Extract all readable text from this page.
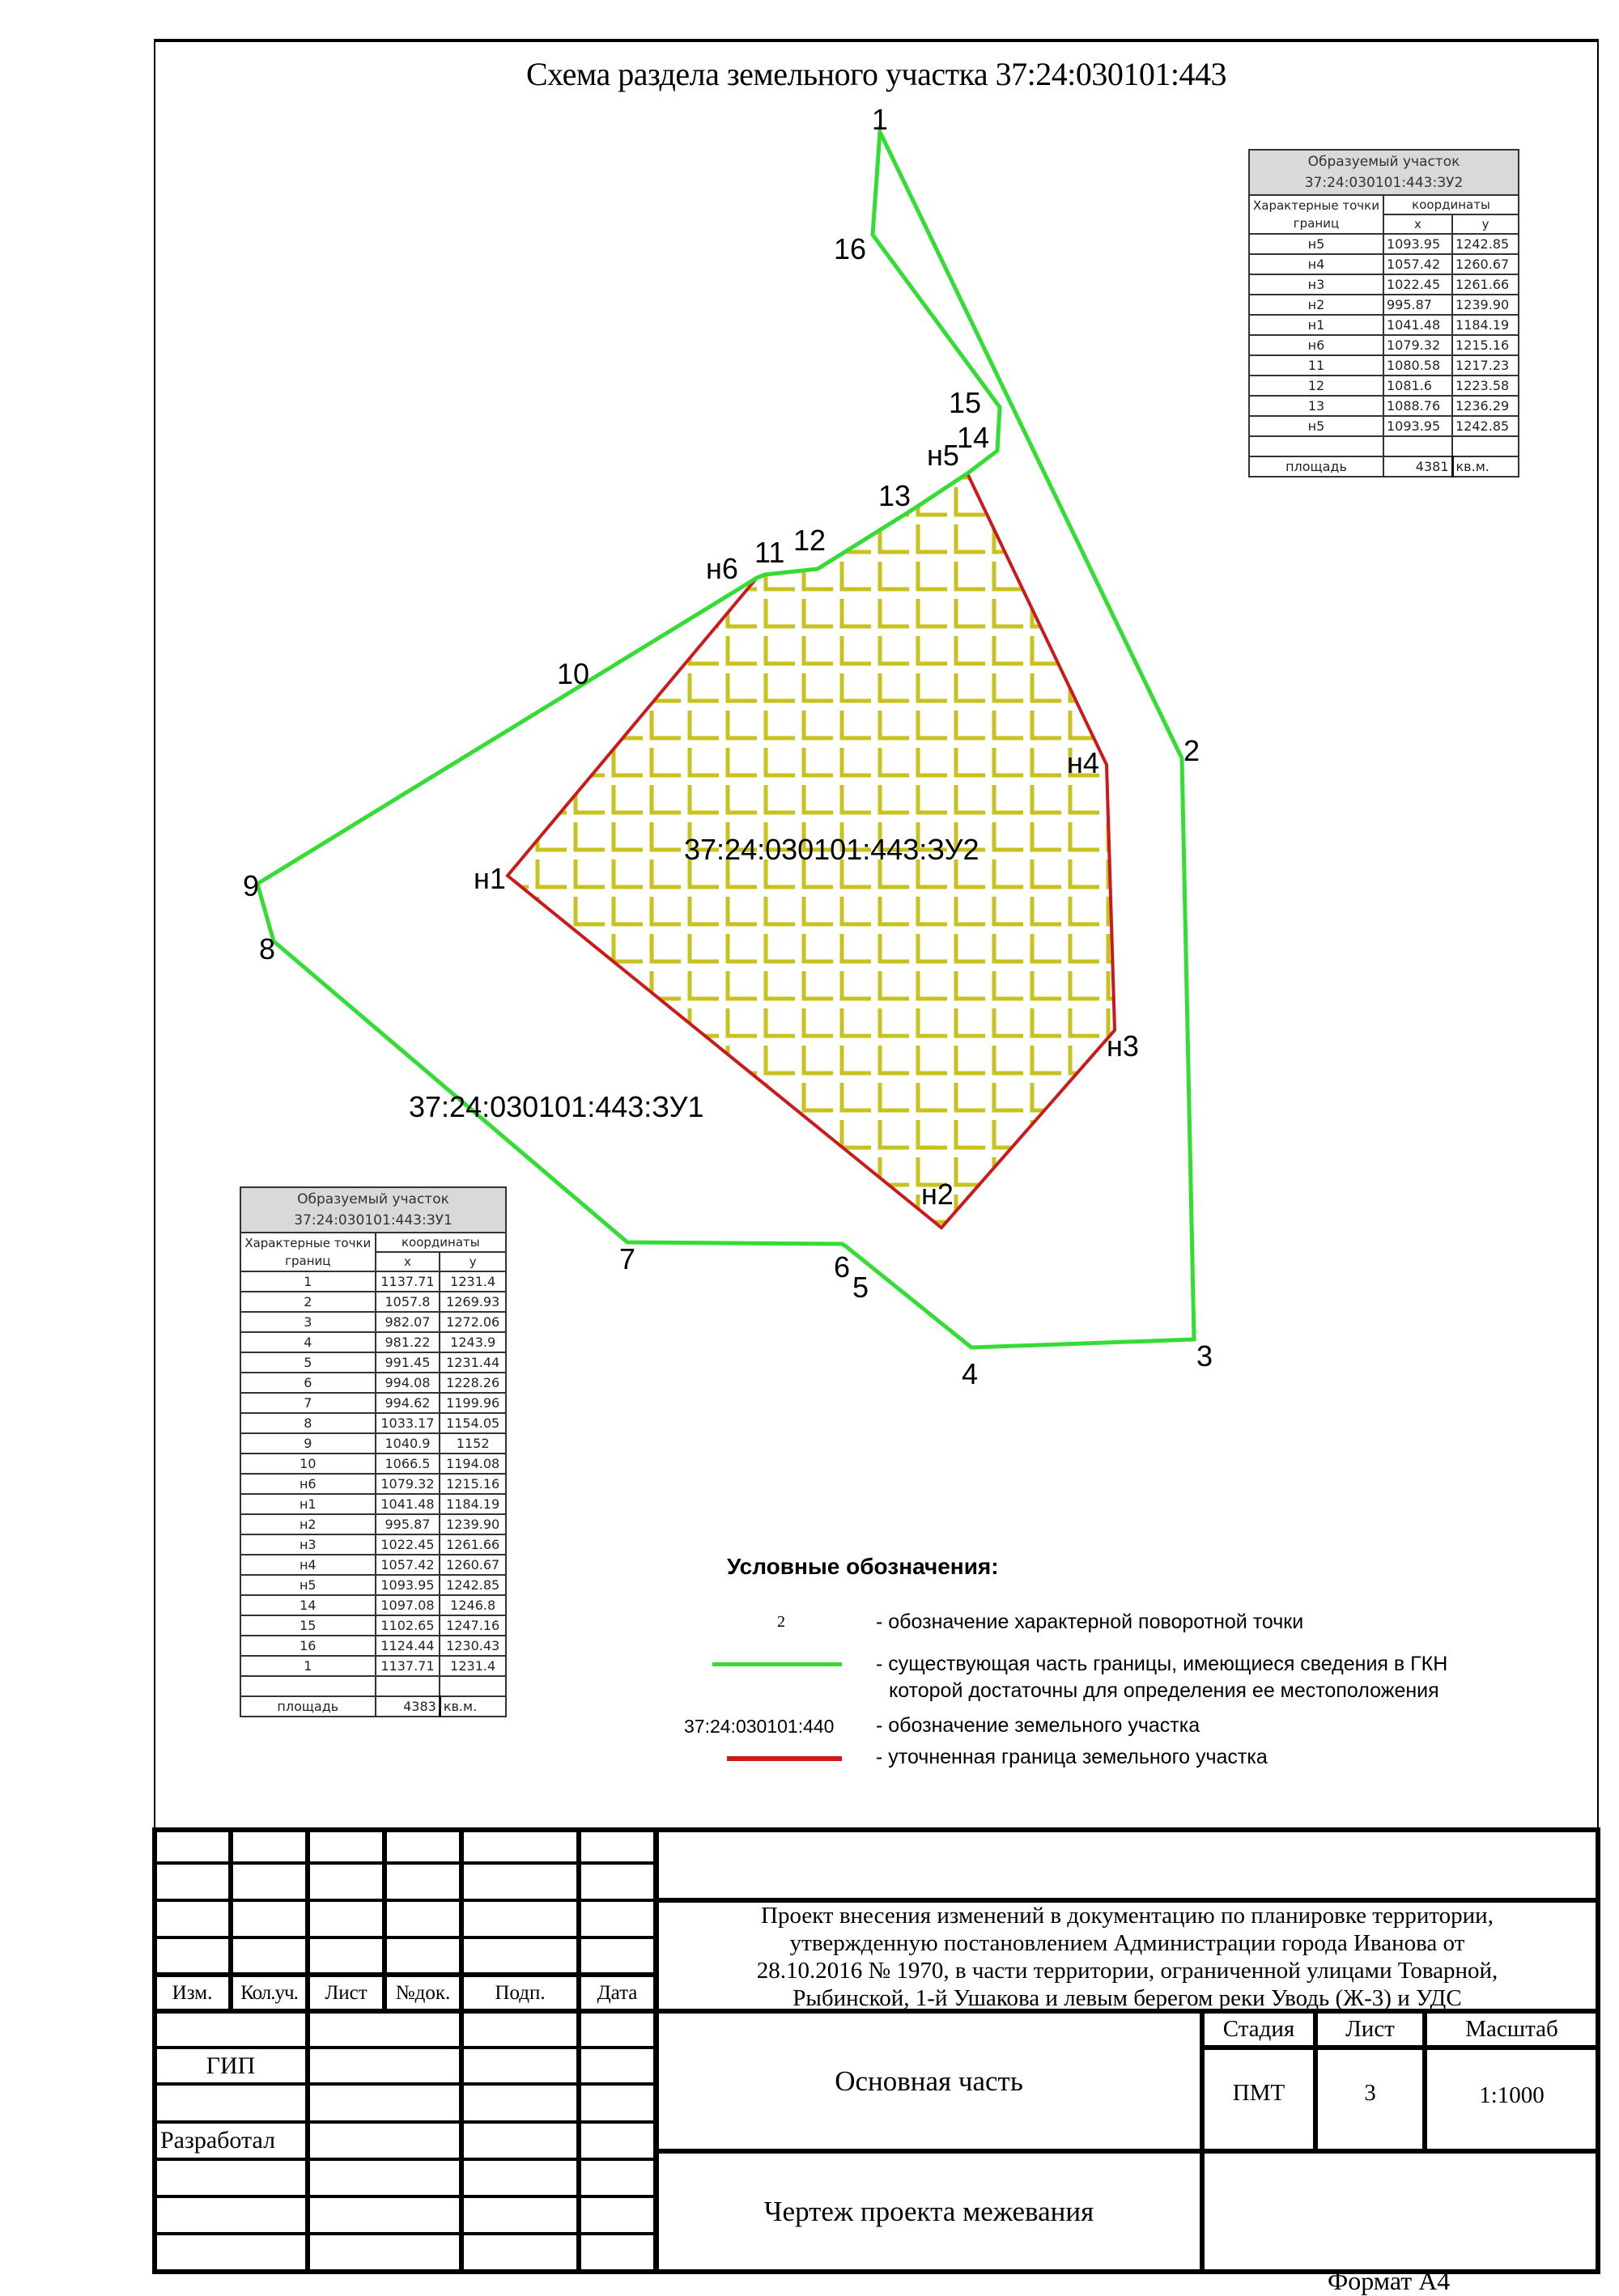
Схема раздела земельного участка 37:24:030101:443
37:24:030101:443:ЗУ2
37:24:030101:443:ЗУ1
1
16
15
14
н5
13
12
11
н6
10
2
н4
9	н1
8
н3
н2
7	6
5
3
4
Образуемый участок
37:24:030101:443:ЗУ2		
Характерные точки
границ	координаты	
	x	y
н5	1093.95	1242.85
н4	1057.42	1260.67
н3	1022.45	1261.66
н2	995.87	1239.90
н1	1041.48	1184.19
н6	1079.32	1215.16
11	1080.58	1217.23
12	1081.6	1223.58
13	1088.76	1236.29
н5	1093.95	1242.85

площадь	4381	кв.м.
Образуемый участок
37:24:030101:443:ЗУ1		
Характерные точки
границ	координаты	
	x	y
1	1137.71	1231.4
2	1057.8	1269.93
3	982.07	1272.06
4	981.22	1243.9
5	991.45	1231.44
6	994.08	1228.26
7	994.62	1199.96
8	1033.17	1154.05
9	1040.9	1152
10	1066.5	1194.08
н6	1079.32	1215.16
н1	1041.48	1184.19
н2	995.87	1239.90
н3	1022.45	1261.66
н4	1057.42	1260.67
н5	1093.95	1242.85
14	1097.08	1246.8
15	1102.65	1247.16
16	1124.44	1230.43
1	1137.71	1231.4

площадь	4383	кв.м.
Условные обозначения:
2	- обозначение характерной поворотной точки
- существующая часть границы, имеющиеся сведения в ГКН
которой достаточны для определения ее местоположения
37:24:030101:440 - обозначение земельного участка
- уточненная граница земельного участка
Изм.	Кол.уч.	Лист	№док.	Подп.	Дата
ГИП
Разработал
Проект внесения изменений в документацию по планировке территории,
утвержденную постановлением Администрации города Иванова от
28.10.2016 № 1970, в части территории, ограниченной улицами Товарной,
Рыбинской, 1-й Ушакова и левым берегом реки Уводь (Ж-3) и УДС
Основная часть
Стадия	Лист	Масштаб
ПМТ	3	1:1000
Чертеж проекта межевания
Формат А4
